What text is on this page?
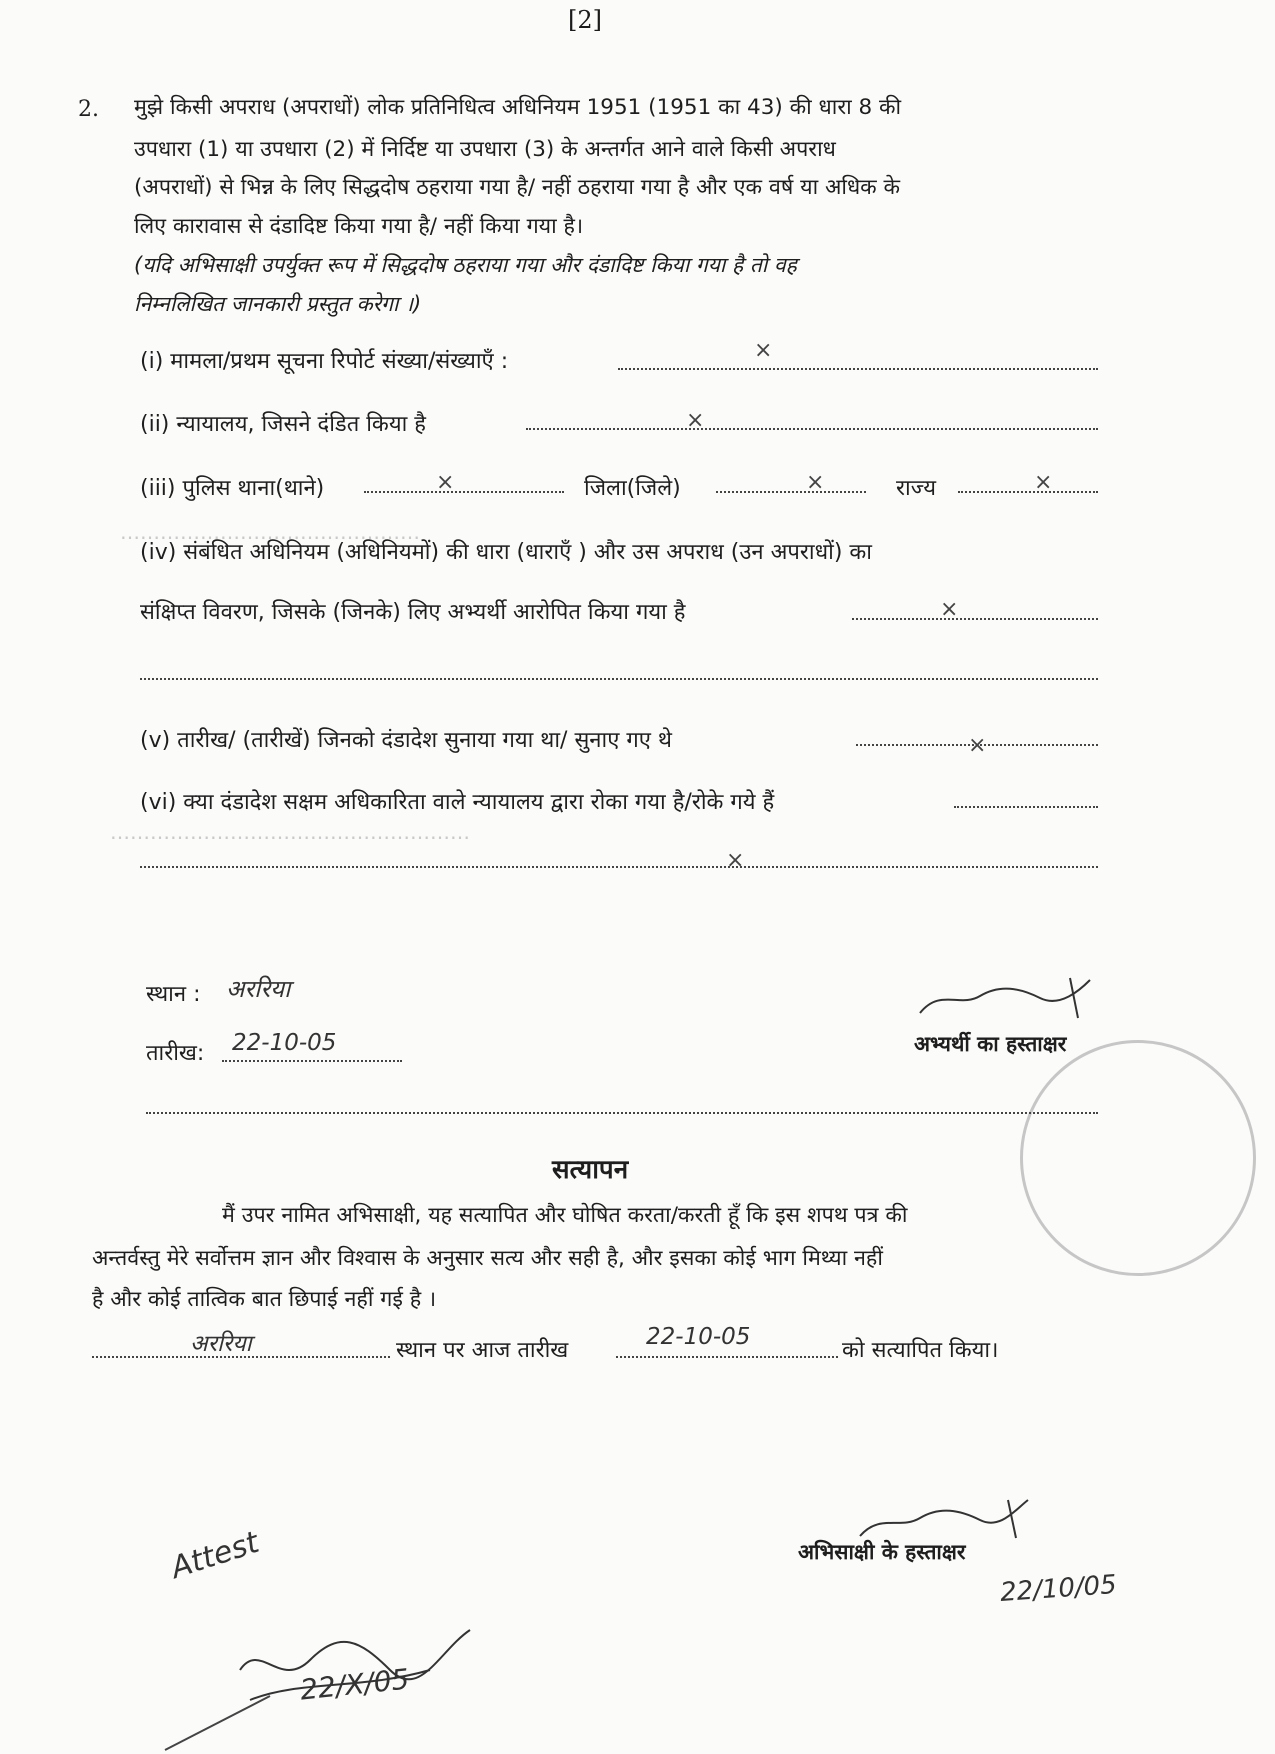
………………………………………
………………………………………………
[2]
2. मुझे किसी अपराध (अपराधों) लोक प्रतिनिधित्व अधिनियम 1951 (1951 का 43) की धारा 8 की
उपधारा (1) या उपधारा (2) में निर्दिष्ट या उपधारा (3) के अन्तर्गत आने वाले किसी अपराध
(अपराधों) से भिन्न के लिए सिद्धदोष ठहराया गया है/ नहीं ठहराया गया है और एक वर्ष या अधिक के
लिए कारावास से दंडादिष्ट किया गया है/ नहीं किया गया है।
(यदि अभिसाक्षी उपर्युक्त रूप में सिद्धदोष ठहराया गया और दंडादिष्ट किया गया है तो वह
निम्नलिखित जानकारी प्रस्तुत करेगा ।)
(i) मामला/प्रथम सूचना रिपोर्ट संख्या/संख्याएँ :	×
(ii) न्यायालय, जिसने दंडित किया है	×
(iii) पुलिस थाना(थाने)	×	जिला(जिले)	×	राज्य	×
(iv) संबंधित अधिनियम (अधिनियमों) की धारा (धाराएँ ) और उस अपराध (उन अपराधों) का
संक्षिप्त विवरण, जिसके (जिनके) लिए अभ्यर्थी आरोपित किया गया है	×
(v) तारीख/ (तारीखें) जिनको दंडादेश सुनाया गया था/ सुनाए गए थे	×
(vi) क्या दंडादेश सक्षम अधिकारिता वाले न्यायालय द्वारा रोका गया है/रोके गये हैं
×
स्थान : अररिया
तारीख: 22-10-05	अभ्यर्थी का हस्ताक्षर
सत्यापन
मैं उपर नामित अभिसाक्षी, यह सत्यापित और घोषित करता/करती हूँ कि इस शपथ पत्र की
अन्तर्वस्तु मेरे सर्वोत्तम ज्ञान और विश्वास के अनुसार सत्य और सही है, और इसका कोई भाग मिथ्या नहीं
है और कोई तात्विक बात छिपाई नहीं गई है ।
अररिया	स्थान पर आज तारीख
22-10-05
को सत्यापित किया।
अभिसाक्षी के हस्ताक्षर
22/10/05
Attest
22/X/05
